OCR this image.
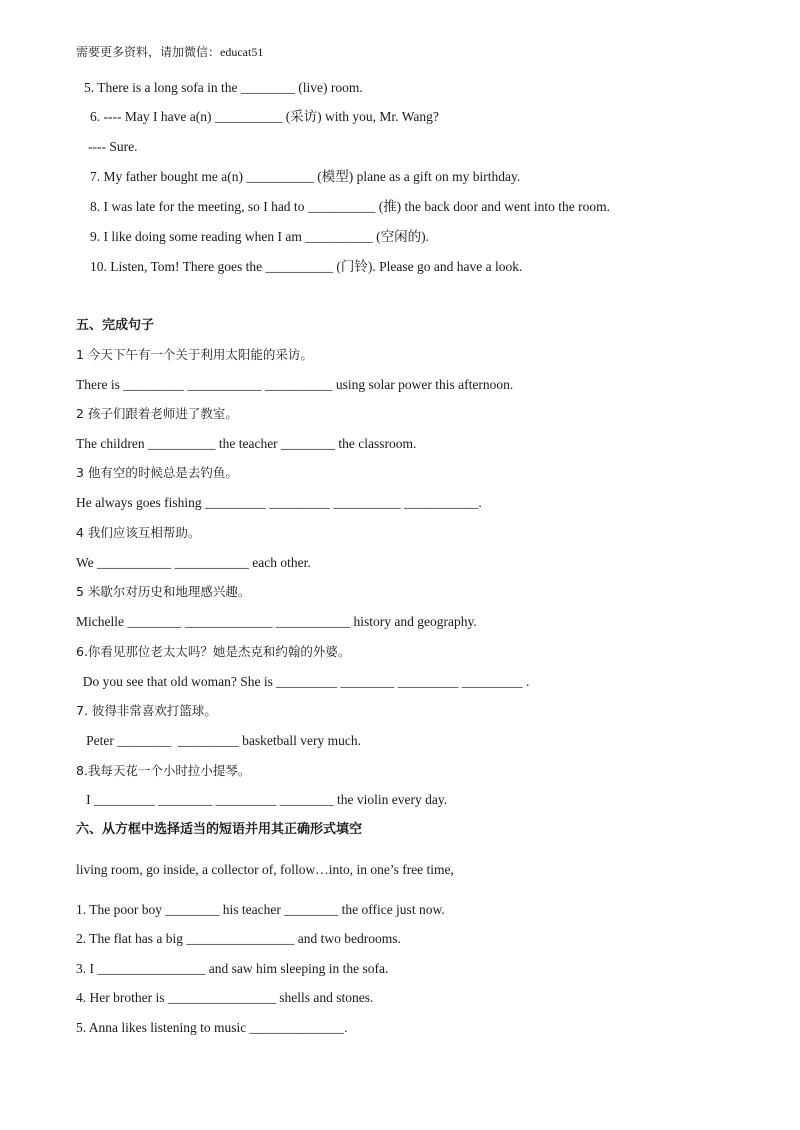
需要更多资料，请加微信：educat51
5. There is a long sofa in the ________ (live) room.
6. ---- May I have a(n) __________ (采访) with you, Mr. Wang?
---- Sure.
7. My father bought me a(n) __________ (模型) plane as a gift on my birthday.
8. I was late for the meeting, so I had to __________ (推) the back door and went into the room.
9. I like doing some reading when I am __________ (空闲的).
10. Listen, Tom! There goes the __________ (门铃). Please go and have a look.
五、完成句子
1 今天下午有一个关于利用太阳能的采访。
There is _________ ___________ __________ using solar power this afternoon.
2 孩子们跟着老师进了教室。
The children __________ the teacher ________ the classroom.
3 他有空的时候总是去钓鱼。
He always goes fishing _________ _________ __________ ___________.
4 我们应该互相帮助。
We ___________ ___________ each other.
5 米歇尔对历史和地理感兴趣。
Michelle ________ _____________ ___________ history and geography.
6.你看见那位老太太吗？她是杰克和约翰的外婆。
Do you see that old woman? She is _________ ________ _________ _________ .
7. 彼得非常喜欢打篮球。
Peter ________  _________ basketball very much.
8.我每天花一个小时拉小提琴。
I _________ ________ _________ ________ the violin every day.
六、从方框中选择适当的短语并用其正确形式填空
living room, go inside, a collector of, follow…into, in one’s free time,
1. The poor boy ________ his teacher ________ the office just now.
2. The flat has a big ________________ and two bedrooms.
3. I ________________ and saw him sleeping in the sofa.
4. Her brother is ________________ shells and stones.
5. Anna likes listening to music ______________.
